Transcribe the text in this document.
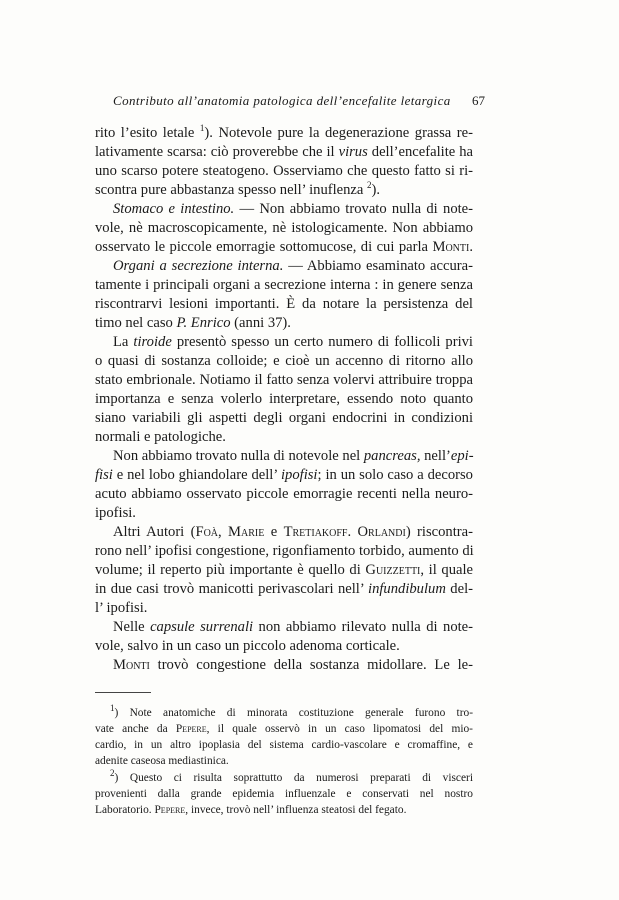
Contributo all’anatomia patologica dell’encefalite letargica 67
rito l’esito letale $^1$). Notevole pure la degenerazione grassa re-
lativamente scarsa: ciò proverebbe che il virus dell’encefalite ha
uno scarso potere steatogeno. Osserviamo che questo fatto si ri-
scontra pure abbastanza spesso nell’ inuflenza $^2$).
Stomaco e intestino. — Non abbiamo trovato nulla di note-
vole, nè macroscopicamente, nè istologicamente. Non abbiamo
osservato le piccole emorragie sottomucose, di cui parla Monti.
Organi a secrezione interna. — Abbiamo esaminato accura-
tamente i principali organi a secrezione interna : in genere senza
riscontrarvi lesioni importanti. È da notare la persistenza del
timo nel caso P. Enrico (anni 37).
La tiroide presentò spesso un certo numero di follicoli privi
o quasi di sostanza colloide; e cioè un accenno di ritorno allo
stato embrionale. Notiamo il fatto senza volervi attribuire troppa
importanza e senza volerlo interpretare, essendo noto quanto
siano variabili gli aspetti degli organi endocrini in condizioni
normali e patologiche.
Non abbiamo trovato nulla di notevole nel pancreas, nell’epi-
fisi e nel lobo ghiandolare dell’ ipofisi; in un solo caso a decorso
acuto abbiamo osservato piccole emorragie recenti nella neuro-
ipofisi.
Altri Autori (Foà, Marie e Tretiakoff. Orlandi) riscontra-
rono nell’ ipofisi congestione, rigonfiamento torbido, aumento di
volume; il reperto più importante è quello di Guizzetti, il quale
in due casi trovò manicotti perivascolari nell’ infundibulum del-
l’ ipofisi.
Nelle capsule surrenali non abbiamo rilevato nulla di note-
vole, salvo in un caso un piccolo adenoma corticale.
Monti trovò congestione della sostanza midollare. Le le-
$^1$) Note anatomiche di minorata costituzione generale furono tro-
vate anche da Pepere, il quale osservò in un caso lipomatosi del mio-
cardio, in un altro ipoplasia del sistema cardio-vascolare e cromaffine, e
adenite caseosa mediastinica.
$^2$) Questo ci risulta soprattutto da numerosi preparati di visceri
provenienti dalla grande epidemia influenzale e conservati nel nostro
Laboratorio. Pepere, invece, trovò nell’ influenza steatosi del fegato.
